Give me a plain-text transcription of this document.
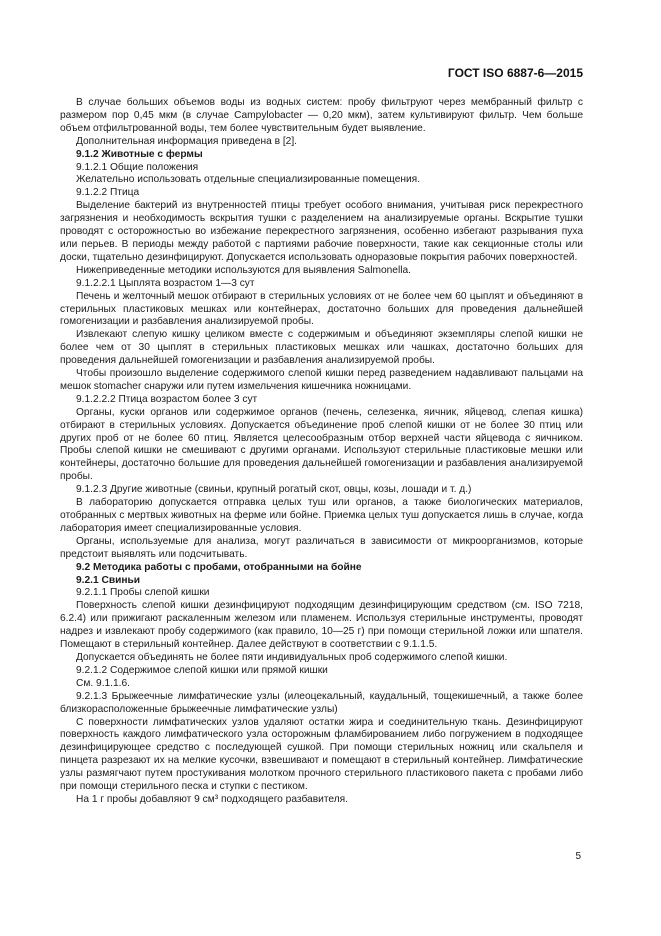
ГОСТ ISO 6887-6—2015

В случае больших объемов воды из водных систем: пробу фильтруют через мембранный фильтр с размером пор 0,45 мкм (в случае Campylobacter — 0,20 мкм), затем культивируют фильтр. Чем больше объем отфильтрованной воды, тем более чувствительным будет выявление.

Дополнительная информация приведена в [2].

9.1.2 Животные с фермы

9.1.2.1 Общие положения

Желательно использовать отдельные специализированные помещения.

9.1.2.2 Птица

Выделение бактерий из внутренностей птицы требует особого внимания, учитывая риск перекрестного загрязнения и необходимость вскрытия тушки с разделением на анализируемые органы. Вскрытие тушки проводят с осторожностью во избежание перекрестного загрязнения, особенно избегают разрывания пуха или перьев. В периоды между работой с партиями рабочие поверхности, такие как секционные столы или доски, тщательно дезинфицируют. Допускается использовать одноразовые покрытия рабочих поверхностей.

Нижеприведенные методики используются для выявления Salmonella.

9.1.2.2.1 Цыплята возрастом 1—3 сут

Печень и желточный мешок отбирают в стерильных условиях от не более чем 60 цыплят и объединяют в стерильных пластиковых мешках или контейнерах, достаточно больших для проведения дальнейшей гомогенизации и разбавления анализируемой пробы.

Извлекают слепую кишку целиком вместе с содержимым и объединяют экземпляры слепой кишки не более чем от 30 цыплят в стерильных пластиковых мешках или чашках, достаточно больших для проведения дальнейшей гомогенизации и разбавления анализируемой пробы.

Чтобы произошло выделение содержимого слепой кишки перед разведением надавливают пальцами на мешок stomacher снаружи или путем измельчения кишечника ножницами.

9.1.2.2.2 Птица возрастом более 3 сут

Органы, куски органов или содержимое органов (печень, селезенка, яичник, яйцевод, слепая кишка) отбирают в стерильных условиях. Допускается объединение проб слепой кишки от не более 30 птиц или других проб от не более 60 птиц. Является целесообразным отбор верхней части яйцевода с яичником. Пробы слепой кишки не смешивают с другими органами. Используют стерильные пластиковые мешки или контейнеры, достаточно большие для проведения дальнейшей гомогенизации и разбавления анализируемой пробы.

9.1.2.3 Другие животные (свиньи, крупный рогатый скот, овцы, козы, лошади и т. д.)

В лабораторию допускается отправка целых туш или органов, а также биологических материалов, отобранных с мертвых животных на ферме или бойне. Приемка целых туш допускается лишь в случае, когда лаборатория имеет специализированные условия.

Органы, используемые для анализа, могут различаться в зависимости от микроорганизмов, которые предстоит выявлять или подсчитывать.

9.2 Методика работы с пробами, отобранными на бойне

9.2.1 Свиньи

9.2.1.1 Пробы слепой кишки

Поверхность слепой кишки дезинфицируют подходящим дезинфицирующим средством (см. ISO 7218, 6.2.4) или прижигают раскаленным железом или пламенем. Используя стерильные инструменты, проводят надрез и извлекают пробу содержимого (как правило, 10—25 г) при помощи стерильной ложки или шпателя. Помещают в стерильный контейнер. Далее действуют в соответствии с 9.1.1.5.

Допускается объединять не более пяти индивидуальных проб содержимого слепой кишки.

9.2.1.2 Содержимое слепой кишки или прямой кишки

См. 9.1.1.6.

9.2.1.3 Брыжеечные лимфатические узлы (илеоцекальный, каудальный, тощекишечный, а также более близкорасположенные брыжеечные лимфатические узлы)

С поверхности лимфатических узлов удаляют остатки жира и соединительную ткань. Дезинфицируют поверхность каждого лимфатического узла осторожным фламбированием либо погружением в подходящее дезинфицирующее средство с последующей сушкой. При помощи стерильных ножниц или скальпеля и пинцета разрезают их на мелкие кусочки, взвешивают и помещают в стерильный контейнер. Лимфатические узлы размягчают путем простукивания молотком прочного стерильного пластикового пакета с пробами либо при помощи стерильного песка и ступки с пестиком.

На 1 г пробы добавляют 9 см³ подходящего разбавителя.

5
